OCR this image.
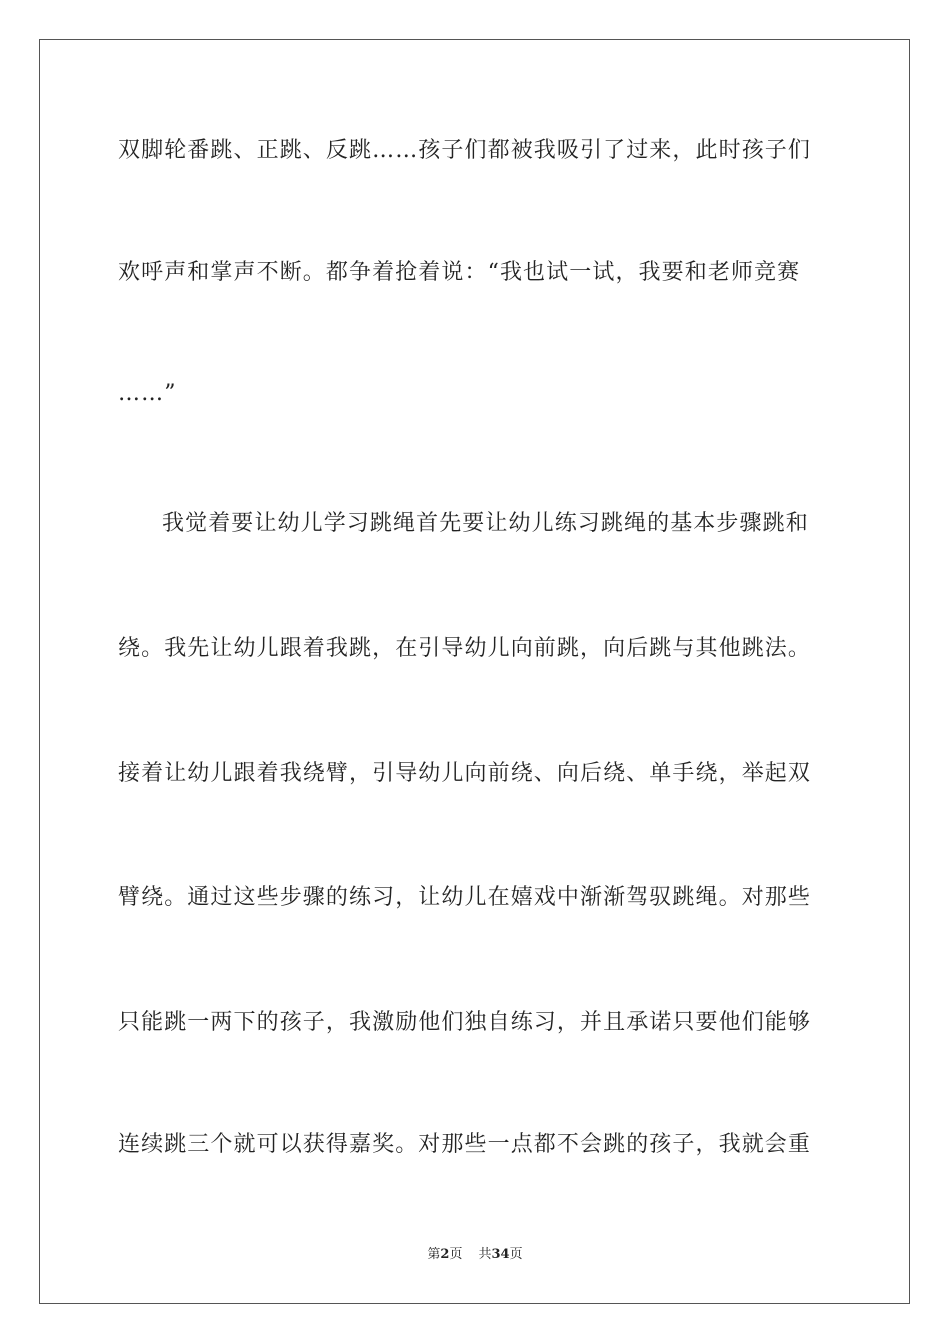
双脚轮番跳、正跳、反跳……孩子们都被我吸引了过来，此时孩子们
欢呼声和掌声不断。都争着抢着说：“我也试一试，我要和老师竞赛
……”
我觉着要让幼儿学习跳绳首先要让幼儿练习跳绳的基本步骤跳和
绕。我先让幼儿跟着我跳，在引导幼儿向前跳，向后跳与其他跳法。
接着让幼儿跟着我绕臂，引导幼儿向前绕、向后绕、单手绕，举起双
臂绕。通过这些步骤的练习，让幼儿在嬉戏中渐渐驾驭跳绳。对那些
只能跳一两下的孩子，我激励他们独自练习，并且承诺只要他们能够
连续跳三个就可以获得嘉奖。对那些一点都不会跳的孩子，我就会重
第2页 共34页
